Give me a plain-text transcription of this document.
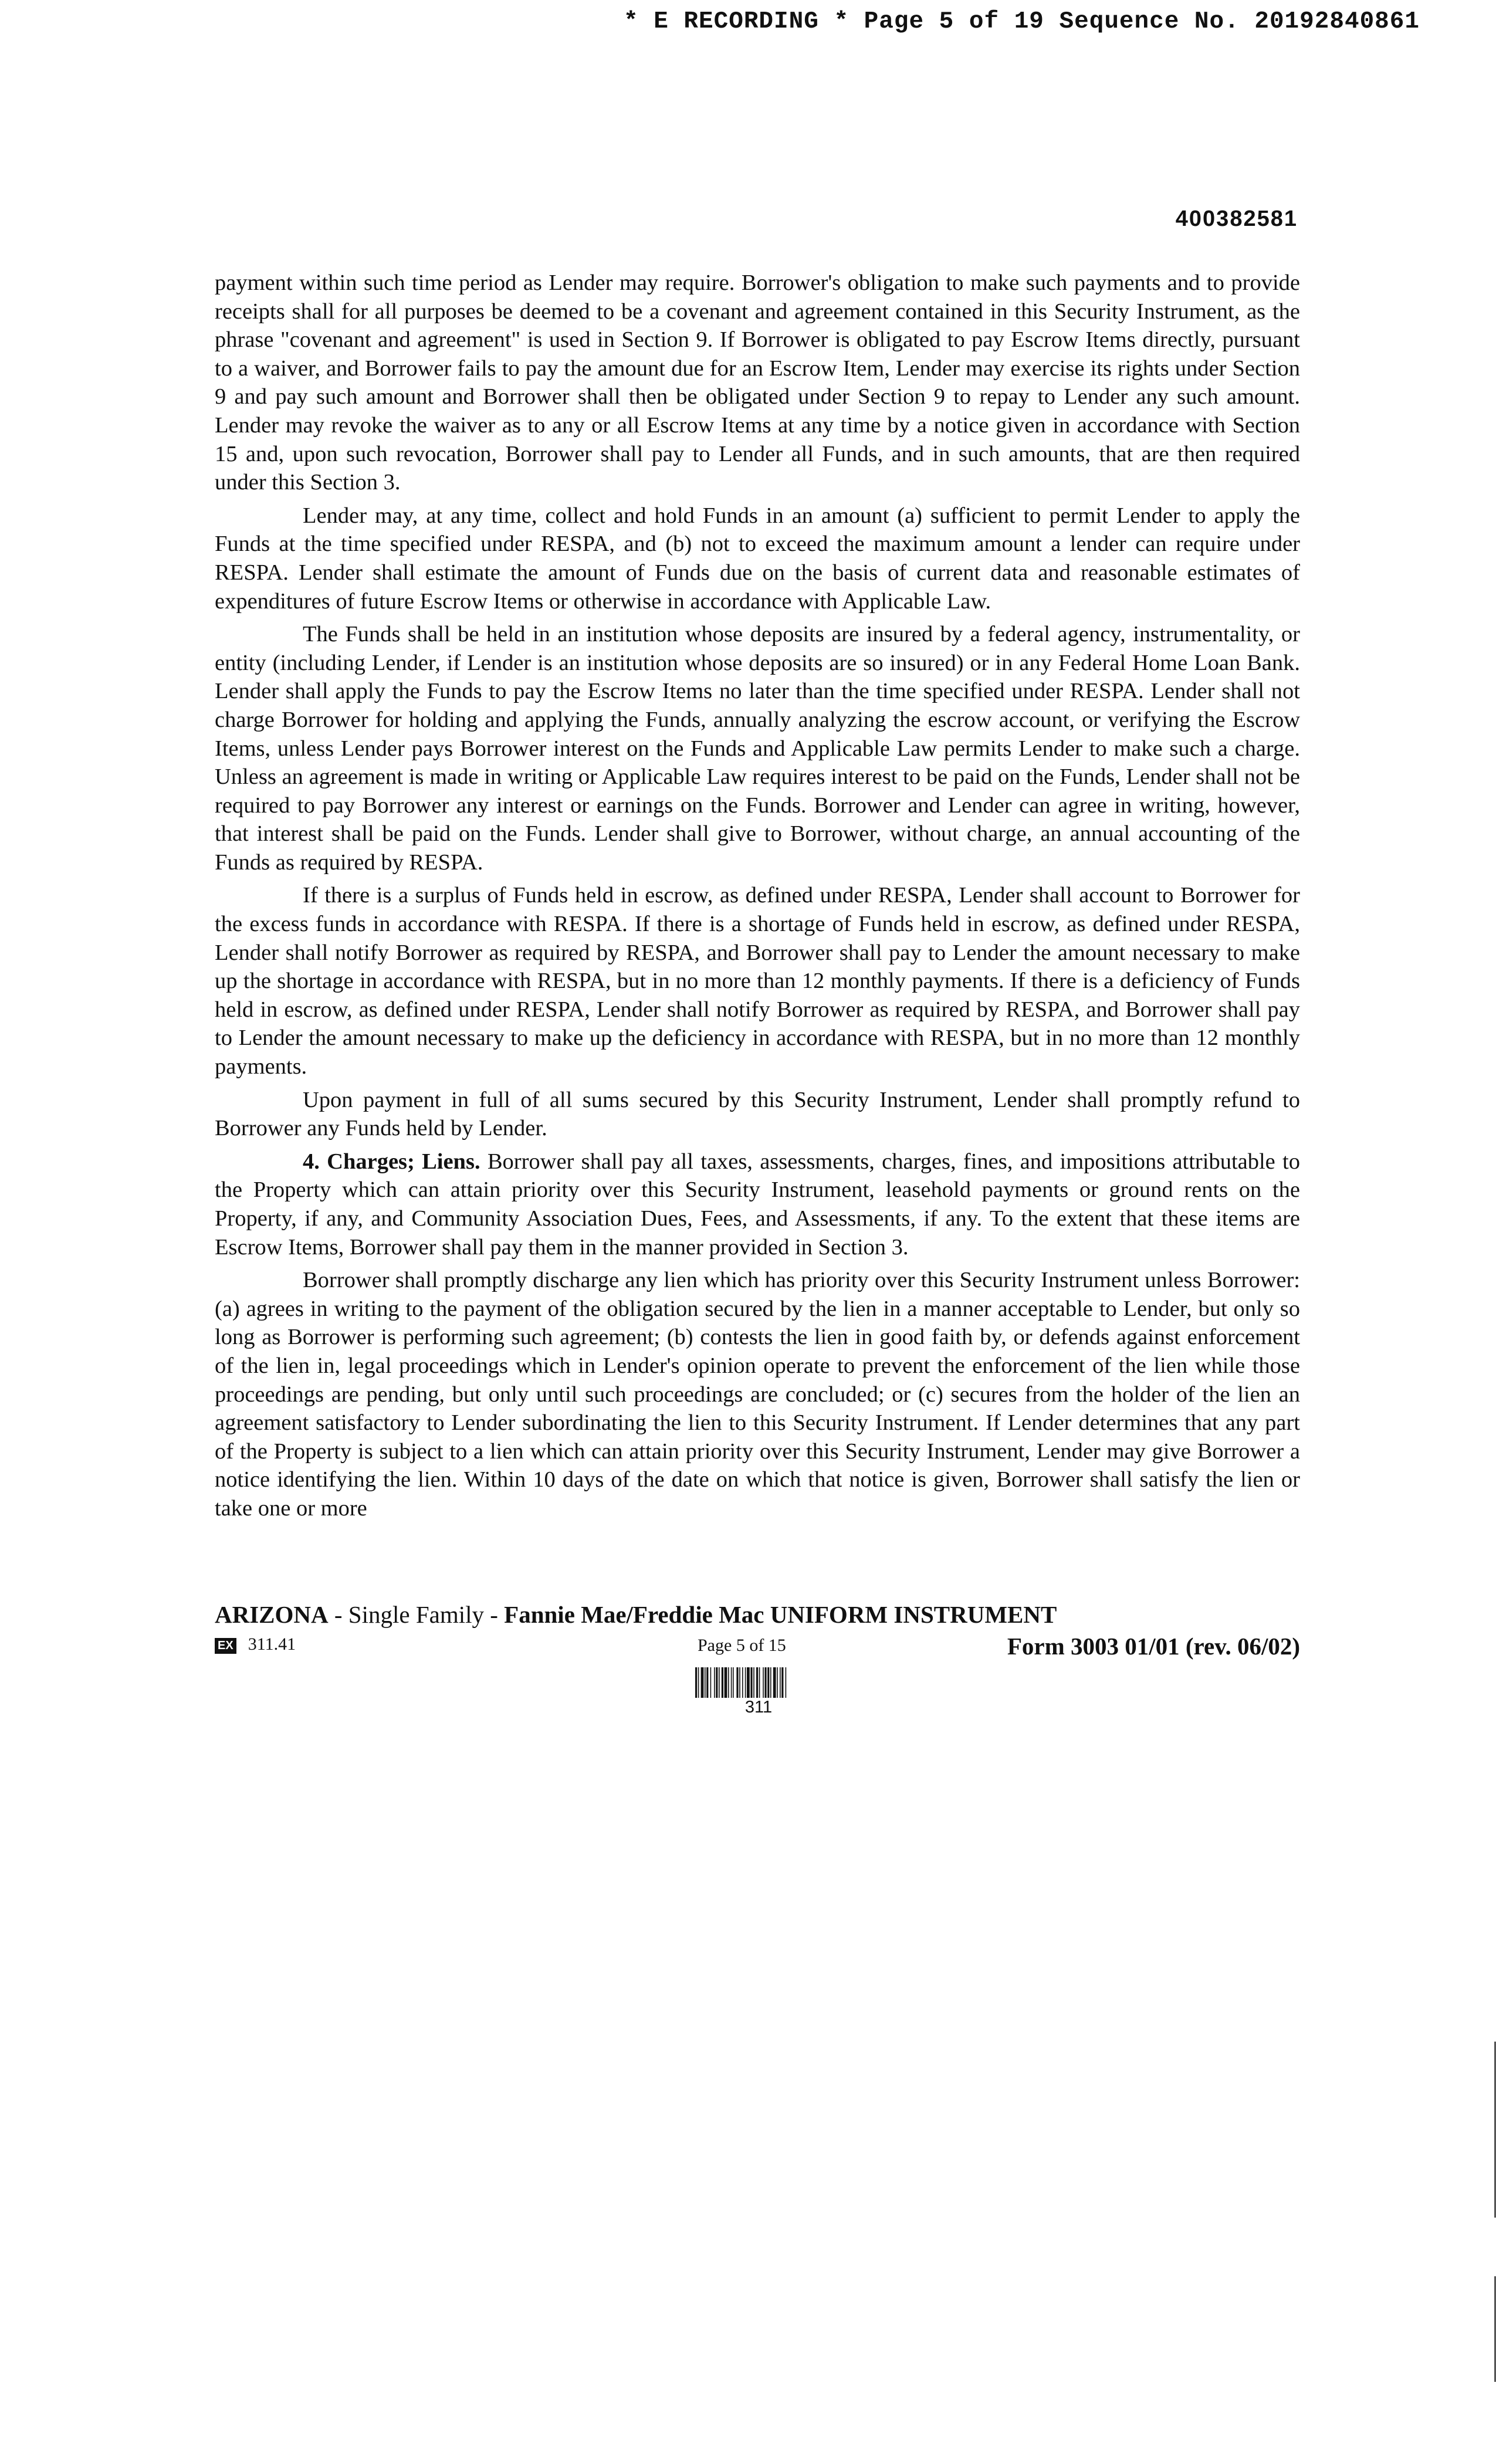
* E RECORDING * Page 5 of 19 Sequence No. 20192840861
400382581

payment within such time period as Lender may require. Borrower's obligation to make such payments and to provide receipts shall for all purposes be deemed to be a covenant and agreement contained in this Security Instrument, as the phrase "covenant and agreement" is used in Section 9. If Borrower is obligated to pay Escrow Items directly, pursuant to a waiver, and Borrower fails to pay the amount due for an Escrow Item, Lender may exercise its rights under Section 9 and pay such amount and Borrower shall then be obligated under Section 9 to repay to Lender any such amount. Lender may revoke the waiver as to any or all Escrow Items at any time by a notice given in accordance with Section 15 and, upon such revocation, Borrower shall pay to Lender all Funds, and in such amounts, that are then required under this Section 3.

Lender may, at any time, collect and hold Funds in an amount (a) sufficient to permit Lender to apply the Funds at the time specified under RESPA, and (b) not to exceed the maximum amount a lender can require under RESPA. Lender shall estimate the amount of Funds due on the basis of current data and reasonable estimates of expenditures of future Escrow Items or otherwise in accordance with Applicable Law.

The Funds shall be held in an institution whose deposits are insured by a federal agency, instrumentality, or entity (including Lender, if Lender is an institution whose deposits are so insured) or in any Federal Home Loan Bank. Lender shall apply the Funds to pay the Escrow Items no later than the time specified under RESPA. Lender shall not charge Borrower for holding and applying the Funds, annually analyzing the escrow account, or verifying the Escrow Items, unless Lender pays Borrower interest on the Funds and Applicable Law permits Lender to make such a charge. Unless an agreement is made in writing or Applicable Law requires interest to be paid on the Funds, Lender shall not be required to pay Borrower any interest or earnings on the Funds. Borrower and Lender can agree in writing, however, that interest shall be paid on the Funds. Lender shall give to Borrower, without charge, an annual accounting of the Funds as required by RESPA.

If there is a surplus of Funds held in escrow, as defined under RESPA, Lender shall account to Borrower for the excess funds in accordance with RESPA. If there is a shortage of Funds held in escrow, as defined under RESPA, Lender shall notify Borrower as required by RESPA, and Borrower shall pay to Lender the amount necessary to make up the shortage in accordance with RESPA, but in no more than 12 monthly payments. If there is a deficiency of Funds held in escrow, as defined under RESPA, Lender shall notify Borrower as required by RESPA, and Borrower shall pay to Lender the amount necessary to make up the deficiency in accordance with RESPA, but in no more than 12 monthly payments.

Upon payment in full of all sums secured by this Security Instrument, Lender shall promptly refund to Borrower any Funds held by Lender.

4. Charges; Liens. Borrower shall pay all taxes, assessments, charges, fines, and impositions attributable to the Property which can attain priority over this Security Instrument, leasehold payments or ground rents on the Property, if any, and Community Association Dues, Fees, and Assessments, if any. To the extent that these items are Escrow Items, Borrower shall pay them in the manner provided in Section 3.

Borrower shall promptly discharge any lien which has priority over this Security Instrument unless Borrower: (a) agrees in writing to the payment of the obligation secured by the lien in a manner acceptable to Lender, but only so long as Borrower is performing such agreement; (b) contests the lien in good faith by, or defends against enforcement of the lien in, legal proceedings which in Lender's opinion operate to prevent the enforcement of the lien while those proceedings are pending, but only until such proceedings are concluded; or (c) secures from the holder of the lien an agreement satisfactory to Lender subordinating the lien to this Security Instrument. If Lender determines that any part of the Property is subject to a lien which can attain priority over this Security Instrument, Lender may give Borrower a notice identifying the lien. Within 10 days of the date on which that notice is given, Borrower shall satisfy the lien or take one or more

ARIZONA - Single Family - Fannie Mae/Freddie Mac UNIFORM INSTRUMENT
EX 311.41	Page 5 of 15	Form 3003 01/01 (rev. 06/02)
311
